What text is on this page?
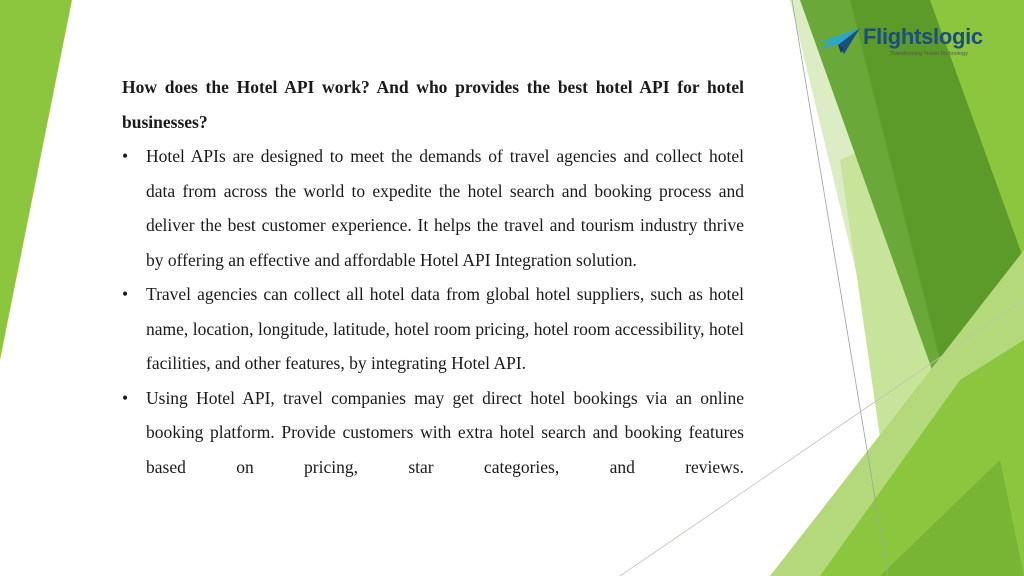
Flightslogic
Transforming Travel Technology

How does the Hotel API work? And who provides the best hotel API for hotel businesses?

•	Hotel APIs are designed to meet the demands of travel agencies and collect hotel data from across the world to expedite the hotel search and booking process and deliver the best customer experience. It helps the travel and tourism industry thrive by offering an effective and affordable Hotel API Integration solution.
•	Travel agencies can collect all hotel data from global hotel suppliers, such as hotel name, location, longitude, latitude, hotel room pricing, hotel room accessibility, hotel facilities, and other features, by integrating Hotel API.
•	Using Hotel API, travel companies may get direct hotel bookings via an online booking platform. Provide customers with extra hotel search and booking features based on pricing, star categories, and reviews.
